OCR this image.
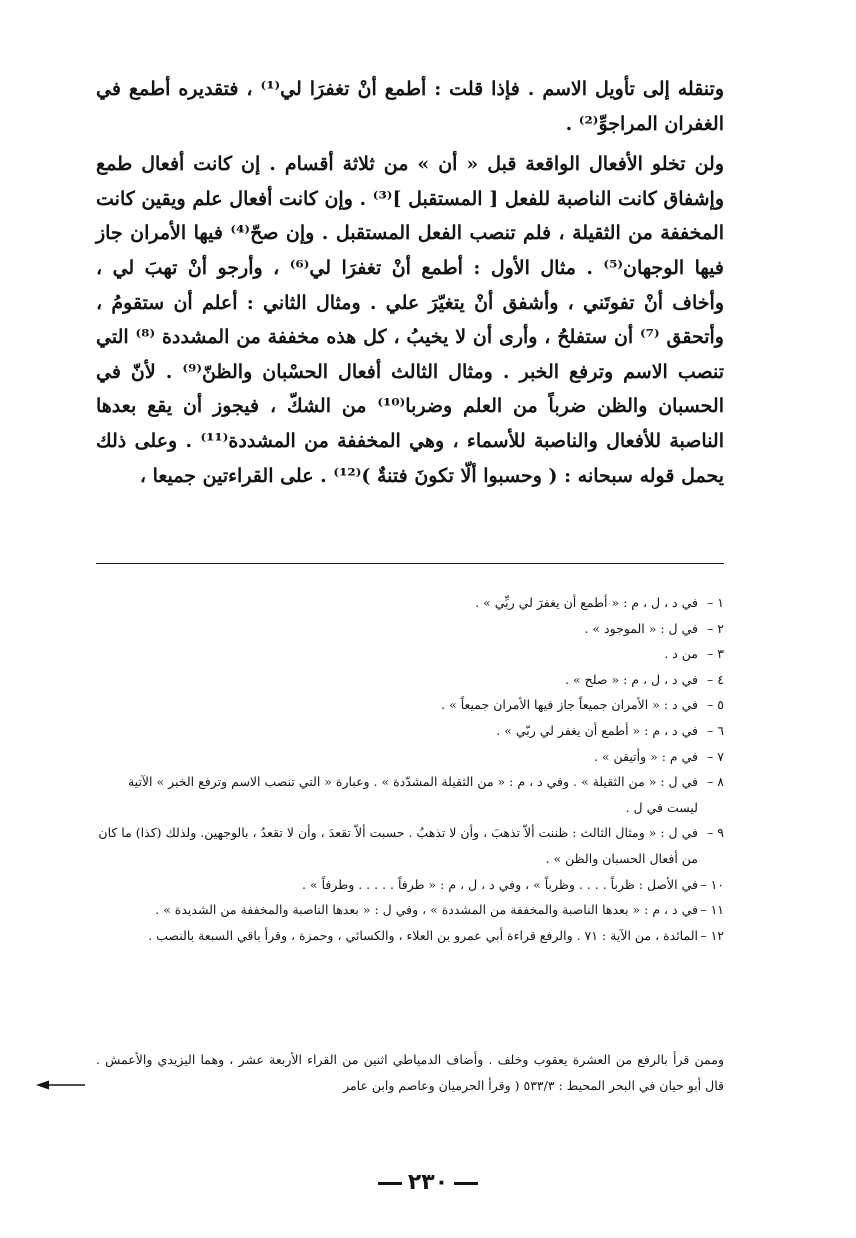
وتنقله إلى تأويل الاسم . فإذا قلت : أطمع أنْ تغفرَا لي⁽¹⁾ ، فتقديره أطمع في الغفران المراجوِّ⁽²⁾ .

ولن تخلو الأفعال الواقعة قبل « أن » من ثلاثة أقسام . إن كانت أفعال طمع وإشفاق كانت الناصبة للفعل [ المستقبل ]⁽³⁾ . وإن كانت أفعال علم ويقين كانت المخففة من الثقيلة ، فلم تنصب الفعل المستقبل . وإن صحّ⁽⁴⁾ فيها الأمران جاز فيها الوجهان⁽⁵⁾ . مثال الأول : أطمع أنْ تغفرَا لي⁽⁶⁾ ، وأرجو أنْ تهبَ لي ، وأخاف أنْ تفوتَني ، وأشفق أنْ يتغيّرَ علي . ومثال الثاني : أعلم أن ستقومُ ، وأتحقق ⁽⁷⁾ أن ستفلحُ ، وأرى أن لا يخيبُ ، كل هذه مخففة من المشددة ⁽⁸⁾ التي تنصب الاسم وترفع الخبر . ومثال الثالث أفعال الحسْبان والظنّ⁽⁹⁾ . لأنّ في الحسبان والظن ضرباً من العلم وضربا⁽¹⁰⁾ من الشكّ ، فيجوز أن يقع بعدها الناصبة للأفعال والناصبة للأسماء ، وهي المخففة من المشددة⁽¹¹⁾ . وعلى ذلك يحمل قوله سبحانه : ( وحسبوا ألّا تكونَ فتنةٌ )⁽¹²⁾ . على القراءتين جميعا ،

١ –
في د ، ل ، م : « أطمع أن يغفرَ لي ربِّي » .
٢ –
في ل : « الموجود » .
٣ –
من د .
٤ –
في د ، ل ، م : « صلح » .
٥ –
في د : « الأمران جميعاً جاز فيها الأمران جميعاً » .
٦ –
في د ، م : « أطمع أن يغفر لي ربّي » .
٧ –
في م : « وأتيقن » .
٨ –
في ل : « من الثقيلة » . وفي د ، م : « من الثقيلة المشدّدة » . وعبارة « التي تنصب الاسم وترفع الخبر » الآتية ليست في ل .
٩ –
في ل : « ومثال الثالث : ظننت ألاّ تذهبَ ، وأن لا تذهبُ . حسبت ألاّ تقعدَ ، وأن لا تقعدُ ، بالوجهين. ولذلك (كذا) ما كان من أفعال الحسبان والظن » .
١٠ –
في الأصل : ظرباً . . . . وظرباً » ، وفي د ، ل ، م : « طرفاً . . . . . وطرفاً » .
١١ –
في د ، م : « بعدها الناصبة والمخففة من المشددة » ، وفي ل : « بعدها الناصبة والمخففة من الشديدة » .
١٢ –
المائدة ، من الآية : ٧١ . والرفع قراءة أبي عمرو بن العلاء ، والكسائي ، وحمزة ، وقرأ باقي السبعة بالنصب .
وممن قرأ بالرفع من العشرة يعقوب وخلف . وأضاف الدمياطي اثنين من القراء الأربعة عشر ، وهما اليزيدي والأعمش . قال أبو حيان في البحر المحيط : ٥٣٣/٣ ( وقرأ الحرميان وعاصم وابن عامر
٢٣٠
